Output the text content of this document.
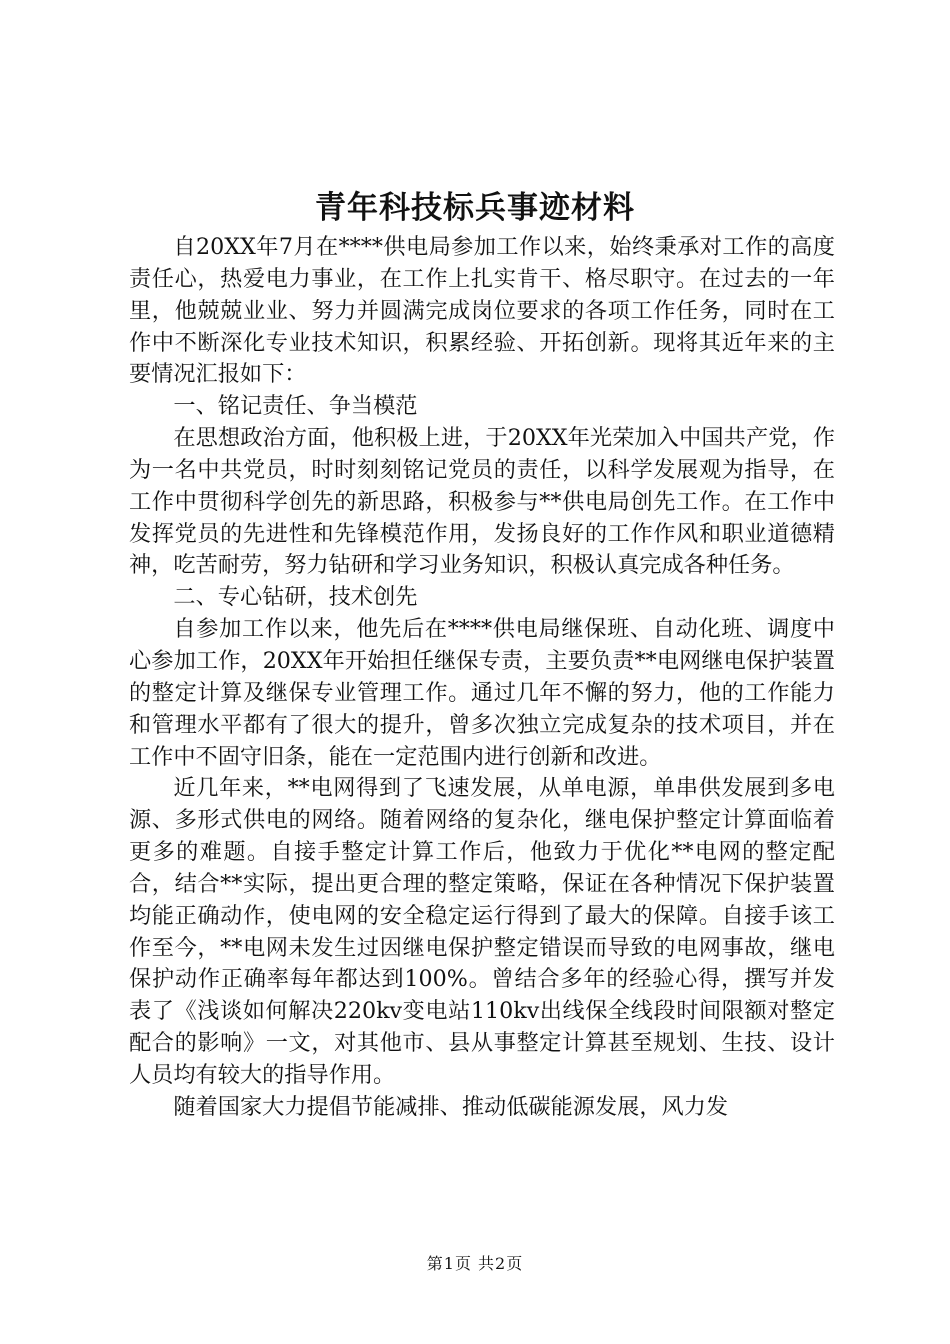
青年科技标兵事迹材料

自20XX年7月在****供电局参加工作以来，始终秉承对工作的高度责任心，热爱电力事业，在工作上扎实肯干、格尽职守。在过去的一年里，他兢兢业业、努力并圆满完成岗位要求的各项工作任务，同时在工作中不断深化专业技术知识，积累经验、开拓创新。现将其近年来的主要情况汇报如下：

一、铭记责任、争当模范

在思想政治方面，他积极上进，于20XX年光荣加入中国共产党，作为一名中共党员，时时刻刻铭记党员的责任，以科学发展观为指导，在工作中贯彻科学创先的新思路，积极参与**供电局创先工作。在工作中发挥党员的先进性和先锋模范作用，发扬良好的工作作风和职业道德精神，吃苦耐劳，努力钻研和学习业务知识，积极认真完成各种任务。

二、专心钻研，技术创先

自参加工作以来，他先后在****供电局继保班、自动化班、调度中心参加工作，20XX年开始担任继保专责，主要负责**电网继电保护装置的整定计算及继保专业管理工作。通过几年不懈的努力，他的工作能力和管理水平都有了很大的提升，曾多次独立完成复杂的技术项目，并在工作中不固守旧条，能在一定范围内进行创新和改进。

近几年来，**电网得到了飞速发展，从单电源，单串供发展到多电源、多形式供电的网络。随着网络的复杂化，继电保护整定计算面临着更多的难题。自接手整定计算工作后，他致力于优化**电网的整定配合，结合**实际，提出更合理的整定策略，保证在各种情况下保护装置均能正确动作，使电网的安全稳定运行得到了最大的保障。自接手该工作至今，**电网未发生过因继电保护整定错误而导致的电网事故，继电保护动作正确率每年都达到100%。曾结合多年的经验心得，撰写并发表了《浅谈如何解决220kv变电站110kv出线保全线段时间限额对整定配合的影响》一文，对其他市、县从事整定计算甚至规划、生技、设计人员均有较大的指导作用。

随着国家大力提倡节能减排、推动低碳能源发展，风力发

第1页 共2页
